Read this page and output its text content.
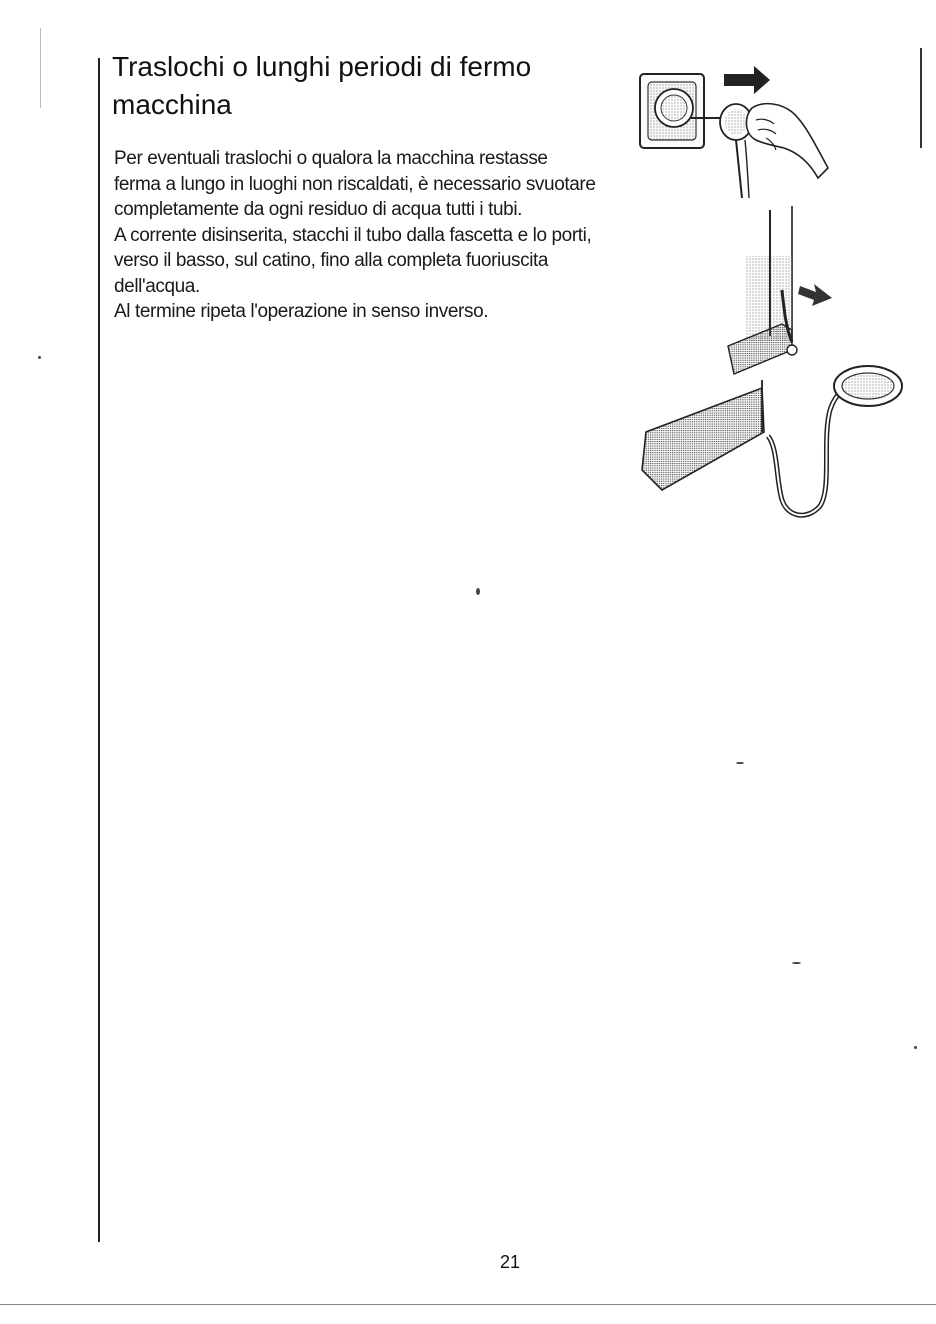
Traslochi o lunghi periodi di fermo macchina

Per eventuali traslochi o qualora la macchina restasse ferma a lungo in luoghi non riscaldati, è necessario svuotare completamente da ogni residuo di acqua tutti i tubi.

A corrente disinserita, stacchi il tubo dalla fascetta e lo porti, verso il basso, sul catino, fino alla completa fuoriuscita dell'acqua.

Al termine ripeta l'operazione in senso inverso.

21
